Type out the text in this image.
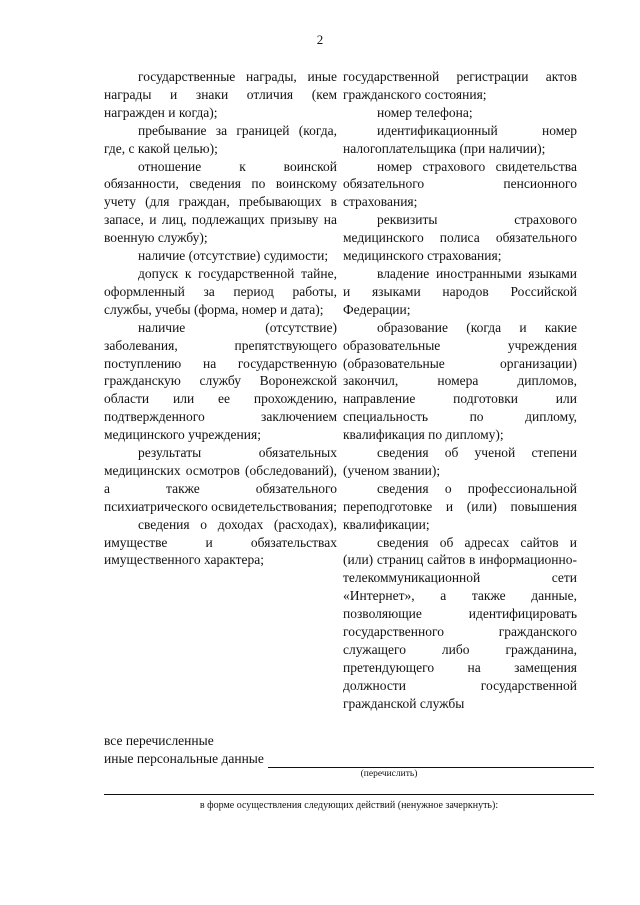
2

государственные награды, иные награды и знаки отличия (кем награжден и когда);

пребывание за границей (когда, где, с какой целью);

отношение к воинской обязанности, сведения по воинскому учету (для граждан, пребывающих в запасе, и лиц, подлежащих призыву на военную службу);

наличие (отсутствие) судимости;

допуск к государственной тайне, оформленный за период работы, службы, учебы (форма, номер и дата);

наличие (отсутствие) заболевания, препятствующего поступлению на государственную гражданскую службу Воронежской области или ее прохождению, подтвержденного заключением медицинского учреждения;

результаты обязательных медицинских осмотров (обследований), а также обязательного психиатрического освидетельствования;

сведения о доходах (расходах), имуществе и обязательствах имущественного характера;

государственной регистрации актов гражданского состояния;

номер телефона;

идентификационный номер налогоплательщика (при наличии);

номер страхового свидетельства обязательного пенсионного страхования;

реквизиты страхового медицинского полиса обязательного медицинского страхования;

владение иностранными языками и языками народов Российской Федерации;

образование (когда и какие образовательные учреждения (образовательные организации) закончил, номера дипломов, направление подготовки или специальность по диплому, квалификация по диплому);

сведения об ученой степени (ученом звании);

сведения о профессиональной переподготовке и (или) повышения квалификации;

сведения об адресах сайтов и (или) страниц сайтов в информационно-телекоммуникационной сети «Интернет», а также данные, позволяющие идентифицировать государственного гражданского служащего либо гражданина, претендующего на замещения должности государственной гражданской службы

все перечисленные
иные персональные данные
(перечислить)
в форме осуществления следующих действий (ненужное зачеркнуть):
